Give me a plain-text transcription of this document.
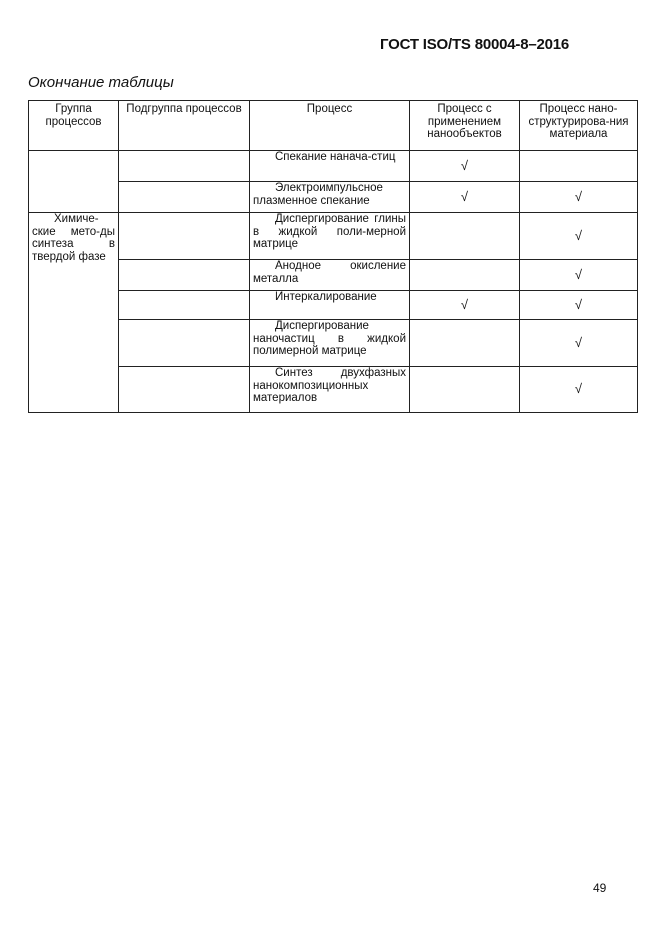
ГОСТ ISO/TS 80004-8–2016
Окончание таблицы
Группа процессов	Подгруппа процессов	Процесс	Процесс с применением нанообъектов	Процесс нано-структурирова-ния материала
		Спекание нанача-стиц	√	
		Электроимпульсное плазменное спекание	√	√
Химиче-ские мето-ды синтеза в твердой фазе		Диспергирование глины в жидкой поли-мерной матрице		√
		Анодное окисление металла		√
		Интеркалирование	√	√
		Диспергирование наночастиц в жидкой полимерной матрице		√
		Синтез двухфазных нанокомпозиционных материалов		√
49
